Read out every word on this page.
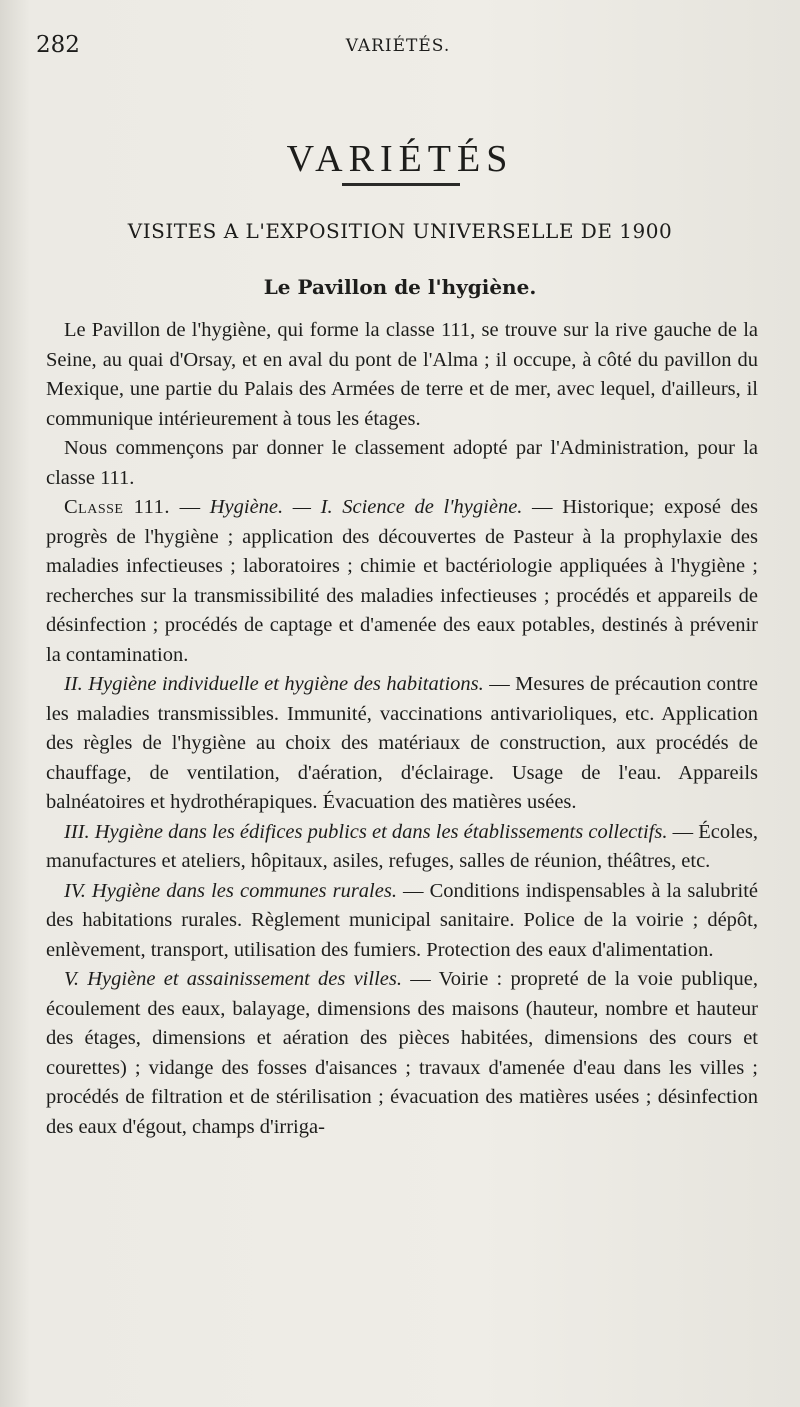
282	VARIÉTÉS.
VARIÉTÉS
VISITES A L'EXPOSITION UNIVERSELLE DE 1900
Le Pavillon de l'hygiène.

Le Pavillon de l'hygiène, qui forme la classe 111, se trouve sur la rive gauche de la Seine, au quai d'Orsay, et en aval du pont de l'Alma ; il occupe, à côté du pavillon du Mexique, une partie du Palais des Armées de terre et de mer, avec lequel, d'ailleurs, il communique intérieurement à tous les étages.

Nous commençons par donner le classement adopté par l'Administration, pour la classe 111.

Classe 111. — Hygiène. — I. Science de l'hygiène. — Historique; exposé des progrès de l'hygiène ; application des découvertes de Pasteur à la prophylaxie des maladies infectieuses ; laboratoires ; chimie et bactériologie appliquées à l'hygiène ; recherches sur la transmissibilité des maladies infectieuses ; procédés et appareils de désinfection ; procédés de captage et d'amenée des eaux potables, destinés à prévenir la contamination.

II. Hygiène individuelle et hygiène des habitations. — Mesures de précaution contre les maladies transmissibles. Immunité, vaccinations antivarioliques, etc. Application des règles de l'hygiène au choix des matériaux de construction, aux procédés de chauffage, de ventilation, d'aération, d'éclairage. Usage de l'eau. Appareils balnéatoires et hydrothérapiques. Évacuation des matières usées.

III. Hygiène dans les édifices publics et dans les établissements collectifs. — Écoles, manufactures et ateliers, hôpitaux, asiles, refuges, salles de réunion, théâtres, etc.

IV. Hygiène dans les communes rurales. — Conditions indispensables à la salubrité des habitations rurales. Règlement municipal sanitaire. Police de la voirie ; dépôt, enlèvement, transport, utilisation des fumiers. Protection des eaux d'alimentation.

V. Hygiène et assainissement des villes. — Voirie : propreté de la voie publique, écoulement des eaux, balayage, dimensions des maisons (hauteur, nombre et hauteur des étages, dimensions et aération des pièces habitées, dimensions des cours et courettes) ; vidange des fosses d'aisances ; travaux d'amenée d'eau dans les villes ; procédés de filtration et de stérilisation ; évacuation des matières usées ; désinfection des eaux d'égout, champs d'irriga-
